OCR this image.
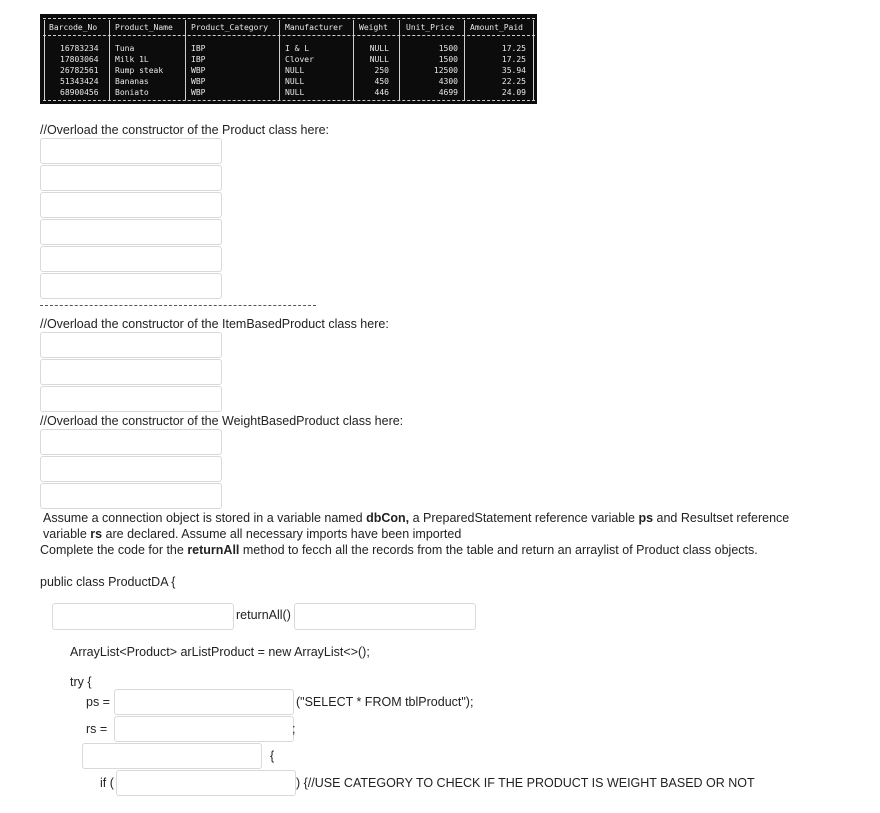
Barcode_No Product_Name Product_Category Manufacturer Weight Unit_Price Amount_Paid
16783234 Tuna	IBP	I & L	NULL	1500	17.25
17803064 Milk 1L	IBP	Clover	NULL	1500	17.25
26782561 Rump steak	WBP	NULL	250	12500	35.94
51343424 Bananas	WBP	NULL	450	4300	22.25
68900456 Boniato	WBP	NULL	446	4699	24.09
//Overload the constructor of the Product class here:
//Overload the constructor of the ItemBasedProduct class here:
//Overload the constructor of the WeightBasedProduct class here:
Assume a connection object is stored in a variable named dbCon, a PreparedStatement reference variable ps and Resultset reference
variable rs are declared. Assume all necessary imports have been imported
Complete the code for the returnAll method to fecch all the records from the table and return an arraylist of Product class objects.
public class ProductDA {
returnAll()
ArrayList<Product> arListProduct = new ArrayList<>();
try {
ps =	("SELECT * FROM tblProduct");
rs =	;
{
if (	) {//USE CATEGORY TO CHECK IF THE PRODUCT IS WEIGHT BASED OR NOT
